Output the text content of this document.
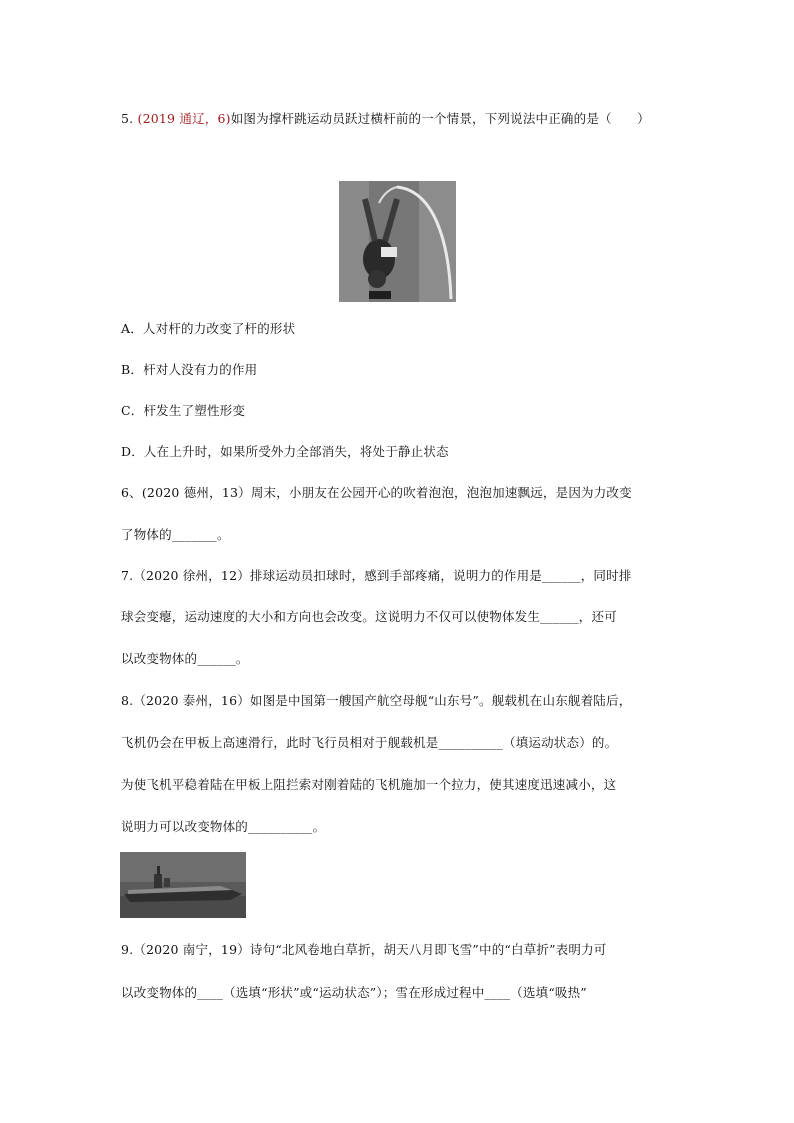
5. (2019 通辽，6)如图为撑杆跳运动员跃过横杆前的一个情景，下列说法中正确的是（　　）
A．人对杆的力改变了杆的形状
B．杆对人没有力的作用
C．杆发生了塑性形变
D．人在上升时，如果所受外力全部消失，将处于静止状态
6、(2020 德州，13）周末，小朋友在公园开心的吹着泡泡，泡泡加速飘远，是因为力改变
了物体的_______。
7.（2020 徐州，12）排球运动员扣球时，感到手部疼痛，说明力的作用是______，同时排
球会变瘪，运动速度的大小和方向也会改变。这说明力不仅可以使物体发生______，还可
以改变物体的______。
8.（2020 泰州，16）如图是中国第一艘国产航空母舰“山东号”。舰载机在山东舰着陆后，
飞机仍会在甲板上高速滑行，此时飞行员相对于舰载机是__________（填运动状态）的。
为使飞机平稳着陆在甲板上阻拦索对刚着陆的飞机施加一个拉力，使其速度迅速减小，这
说明力可以改变物体的__________。
9.（2020 南宁，19）诗句“北风卷地白草折，胡天八月即飞雪”中的“白草折”表明力可
以改变物体的____（选填“形状”或“运动状态”）；雪在形成过程中____（选填“吸热”
